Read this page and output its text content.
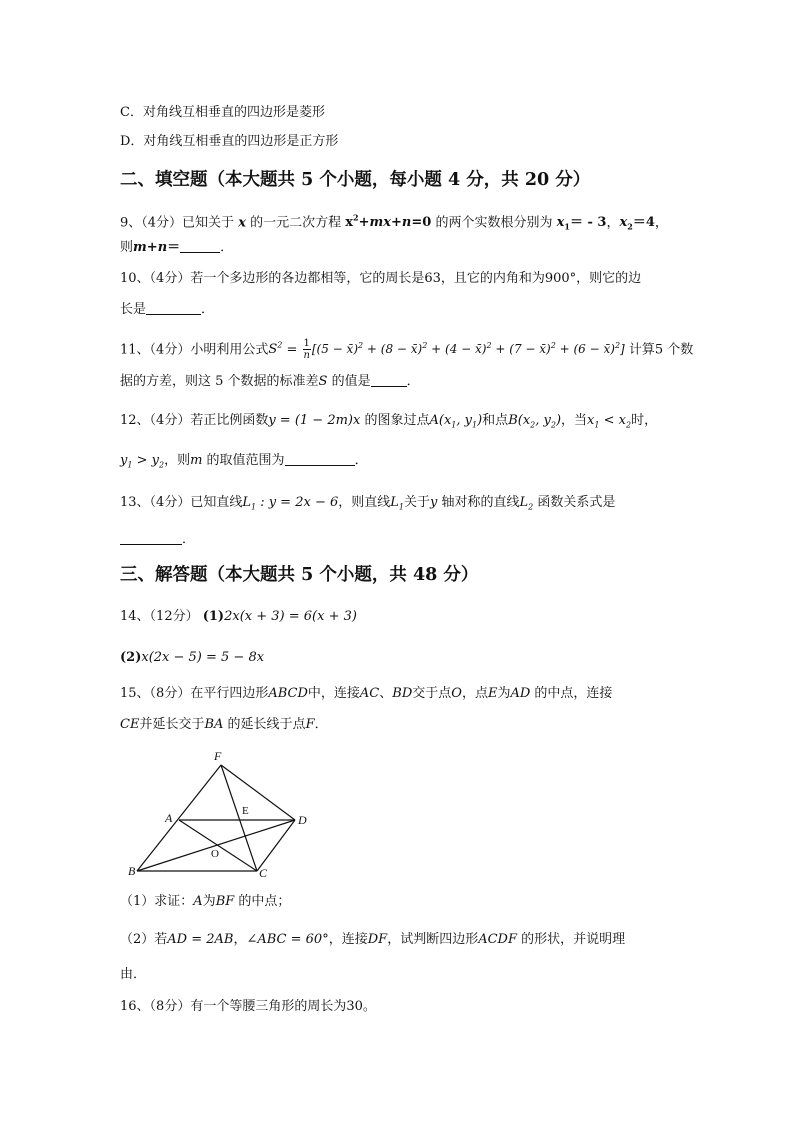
C．对角线互相垂直的四边形是菱形
D．对角线互相垂直的四边形是正方形
二、填空题（本大题共 5 个小题，每小题 4 分，共 20 分）
9、（4分）已知关于 x 的一元二次方程 $x^2+mx+n=0$ 的两个实数根分别为 $x_1= - 3$，$x_2=4$，
则m+n＝	．
10、（4分）若一个多边形的各边都相等，它的周长是63，且它的内角和为900°，则它的边
长是	．
11、（4分）小明利用公式$S^2 = \frac{1}{n} [(5$ − x̄)$^2$ + (8 − x̄)$^2$ + (4 − x̄)$^2$ + (7 − x̄)$^2$ + (6 − x̄)$^2$] 计算5 个数
据的方差，则这 5 个数据的标准差S 的值是	．
12、（4分）若正比例函数y = (1 − 2m)x 的图象过点$A(x_1$, $y_1$)和点$B(x_2$, $y_2$)，当$x_1 < x_2$时，
$y_1 > y_2$，则m 的取值范围为	．
13、（4分）已知直线$L_1$ : y = 2x − 6，则直线$L_1$关于y 轴对称的直线$L_2$ 函数关系式是
．
三、解答题（本大题共 5 个小题，共 48 分）
14、（12分） (1)2x(x + 3) = 6(x + 3)
(2)x(2x − 5) = 5 − 8x
15、（8分）在平行四边形ABCD中，连接AC、BD交于点O，点E为AD 的中点，连接
CE并延长交于BA 的延长线于点F．
F
A	D
E
O
B	C
（1）求证：A为BF 的中点；
（2）若AD = 2AB，∠ABC = 60°，连接DF，试判断四边形ACDF 的形状，并说明理
由．
16、（8分）有一个等腰三角形的周长为30。
